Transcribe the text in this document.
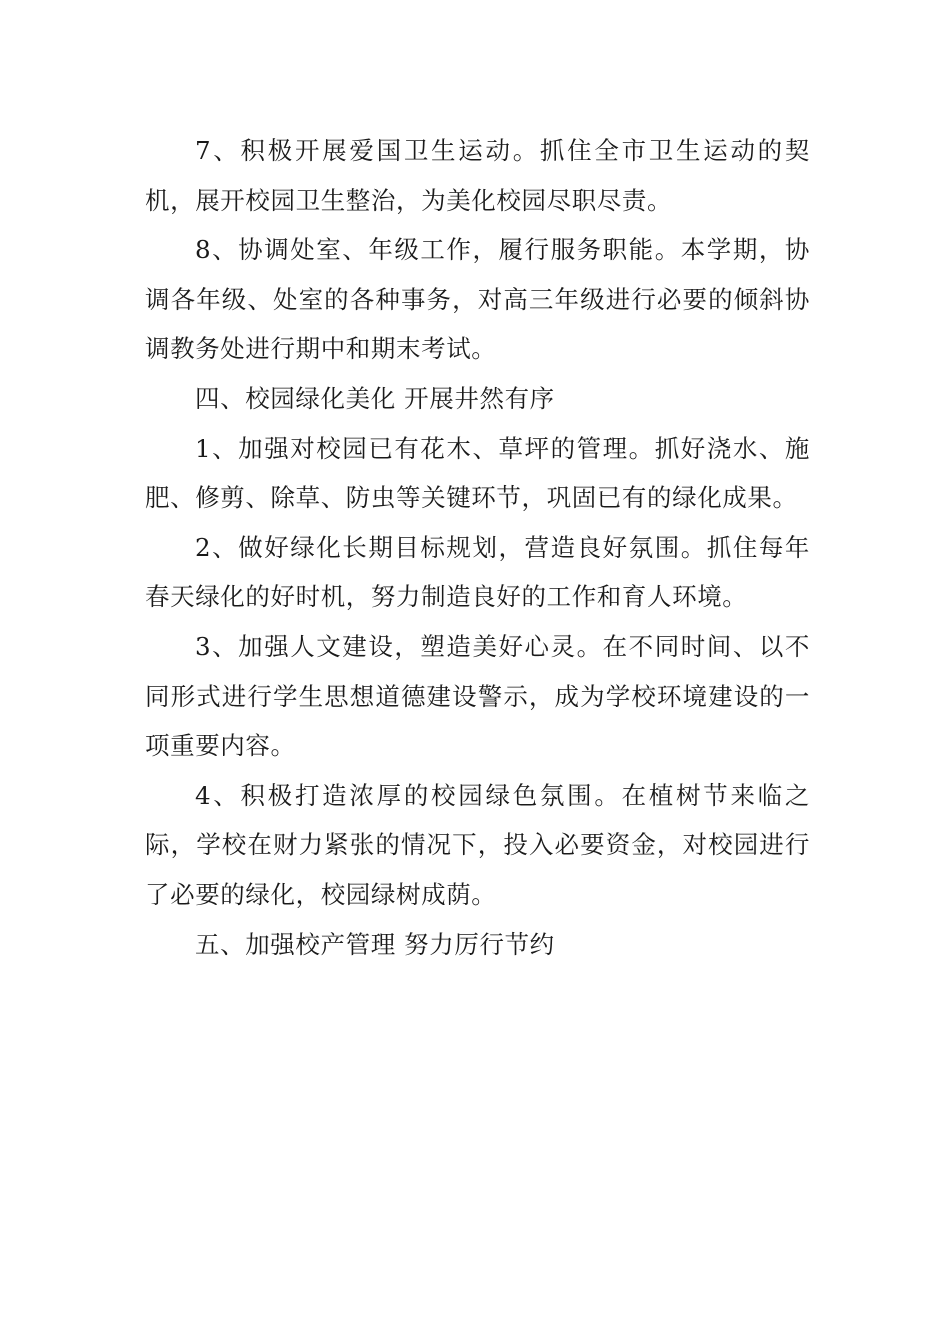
7、积极开展爱国卫生运动。抓住全市卫生运动的契机，展开校园卫生整治，为美化校园尽职尽责。

8、协调处室、年级工作，履行服务职能。本学期，协调各年级、处室的各种事务，对高三年级进行必要的倾斜协调教务处进行期中和期末考试。

四、校园绿化美化 开展井然有序

1、加强对校园已有花木、草坪的管理。抓好浇水、施肥、修剪、除草、防虫等关键环节，巩固已有的绿化成果。

2、做好绿化长期目标规划，营造良好氛围。抓住每年春天绿化的好时机，努力制造良好的工作和育人环境。

3、加强人文建设，塑造美好心灵。在不同时间、以不同形式进行学生思想道德建设警示，成为学校环境建设的一项重要内容。

4、积极打造浓厚的校园绿色氛围。在植树节来临之际，学校在财力紧张的情况下，投入必要资金，对校园进行了必要的绿化，校园绿树成荫。

五、加强校产管理 努力厉行节约
